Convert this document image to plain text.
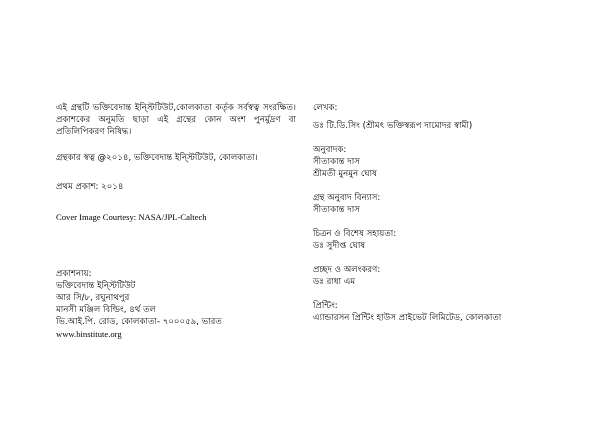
এই গ্রন্থটি ভক্তিবেদান্ত ইন্স্টিটিউট,কোলকাতা কর্তৃক সর্বস্বত্ব সংরক্ষিত।প্রকাশকের অনুমতি ছাড়া এই গ্রন্থের কোন অংশ পুনর্মুদ্রণ বা প্রতিলিপিকরণ নিষিদ্ধ।
গ্রন্থকার স্বত্ব @২০১৪, ভক্তিবেদান্ত ইন্স্টিটিউট, কোলকাতা।
প্রথম প্রকাশ: ২০১৪
Cover Image Courtesy: NASA/JPL-Caltech
প্রকাশনায়:
ভক্তিবেদান্ত ইন্স্টিটিউট
আর সি/৮, রঘুনাথপুর
মানসী মঞ্জিল বিল্ডিং, ৪র্থ তল
ভি.আই.পি. রোড, কোলকাতা- ৭০০০৫৯, ভারত
www.binstitute.org
লেখক:
ডঃ টি.ডি.সিং (শ্রীমৎ ভক্তিস্বরূপ দামোদর স্বামী)
অনুবাদক:
সীতাকান্ত দাস
শ্রীমতী মুনমুন ঘোষ
গ্রন্থ অনুবাদ বিন্যাস:
সীতাকান্ত দাস
চিত্রন ও বিশেষ সহায়তা:
ডঃ সুদীপ্ত ঘোষ
প্রচ্ছদ ও অলংকরণ:
ডঃ রাধা এম
প্রিন্টিং:
এ্যান্ডারসন প্রিন্টিং হাউস প্রাইভেট লিমিটেড, কোলকাতা
